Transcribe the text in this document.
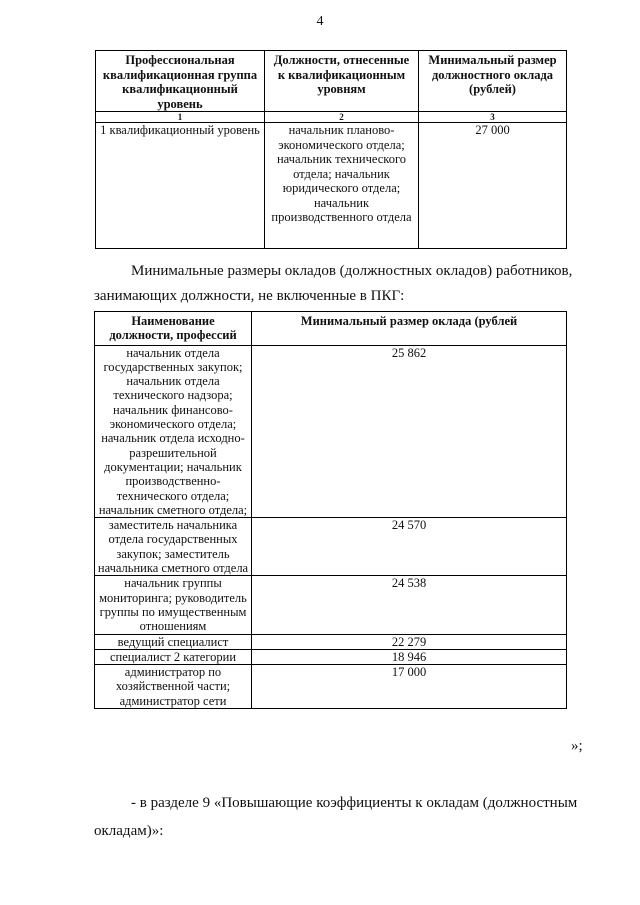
4
Профессиональная квалификационная группа квалификационный уровень	Должности, отнесенные к квалификационным уровням	Минимальный размер должностного оклада (рублей)
1	2	3
1 квалификационный уровень	начальник планово-экономического отдела; начальник технического отдела; начальник юридического отдела; начальник производственного отдела	27 000
Минимальные размеры окладов (должностных окладов) работников,
занимающих должности, не включенные в ПКГ:
Наименование должности, профессий	Минимальный размер оклада (рублей
начальник отдела государственных закупок; начальник отдела технического надзора; начальник финансово-экономического отдела; начальник отдела исходно-разрешительной документации; начальник производственно-технического отдела; начальник сметного отдела;	25 862
заместитель начальника отдела государственных закупок; заместитель начальника сметного отдела	24 570
начальник группы мониторинга; руководитель группы по имущественным отношениям	24 538
ведущий специалист	22 279
специалист 2 категории	18 946
администратор по хозяйственной части; администратор сети	17 000
»;
- в разделе 9 «Повышающие коэффициенты к окладам (должностным
окладам)»:
